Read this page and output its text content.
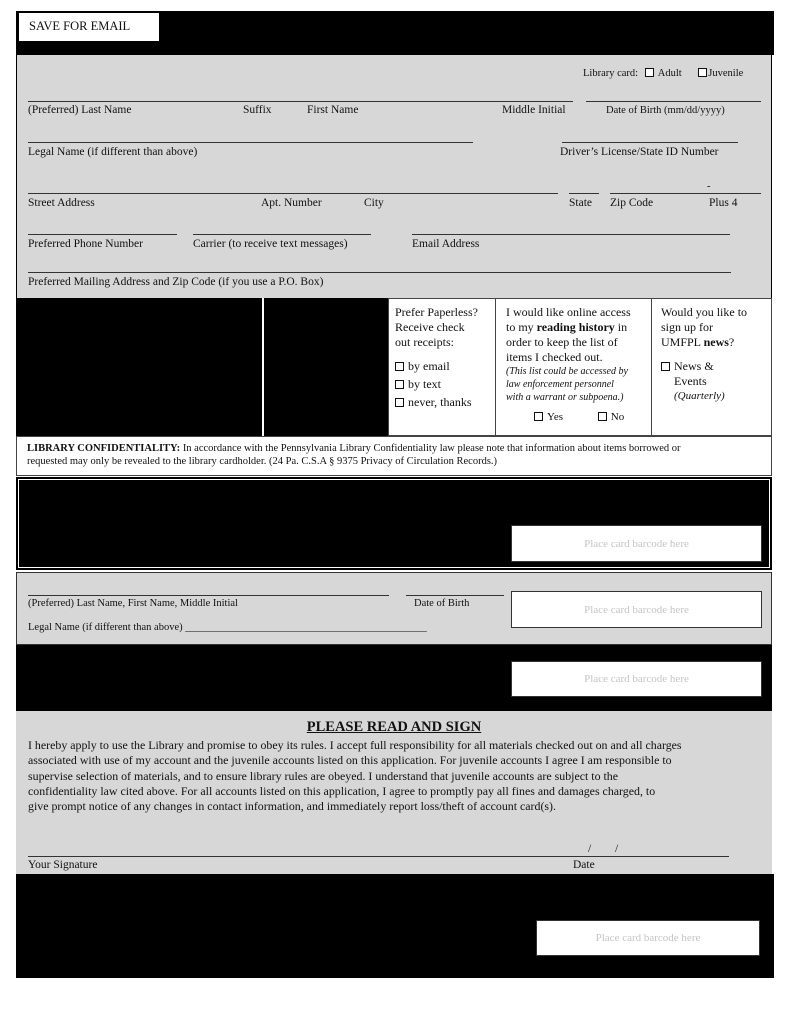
SAVE FOR EMAIL
Library card: Adult	Juvenile
(Preferred) Last Name	Suffix	First Name	Middle Initial	Date of Birth (mm/dd/yyyy)
Legal Name (if different than above)	Driver’s License/State ID Number
-
Street Address	Apt. Number	City	State Zip Code	Plus 4
Preferred Phone Number	Carrier (to receive text messages)	Email Address
Preferred Mailing Address and Zip Code (if you use a P.O. Box)

Prefer Paperless?

Receive check

out receipts:

by email

by text

never, thanks

I would like online access

to my reading history in

order to keep the list of

items I checked out.

(This list could be accessed by

law enforcement personnel

with a warrant or subpoena.)

Yes	No

Would you like to

sign up for

UMFPL news?

News &

Events

(Quarterly)

LIBRARY CONFIDENTIALITY: In accordance with the Pennsylvania Library Confidentiality law please note that information about items borrowed or
requested may only be revealed to the library cardholder. (24 Pa. C.S.A § 9375 Privacy of Circulation Records.)
Place card barcode here
(Preferred) Last Name, First Name, Middle Initial	Date of Birth
Legal Name (if different than above) ______________________________________________
Place card barcode here
Place card barcode here
PLEASE READ AND SIGN
I hereby apply to use the Library and promise to obey its rules. I accept full responsibility for all materials checked out on and all charges
associated with use of my account and the juvenile accounts listed on this application. For juvenile accounts I agree I am responsible to
supervise selection of materials, and to ensure library rules are obeyed. I understand that juvenile accounts are subject to the
confidentiality law cited above. For all accounts listed on this application, I agree to promptly pay all fines and damages charged, to
give prompt notice of any changes in contact information, and immediately report loss/theft of account card(s).
/ /
Your Signature	Date
Place card barcode here
